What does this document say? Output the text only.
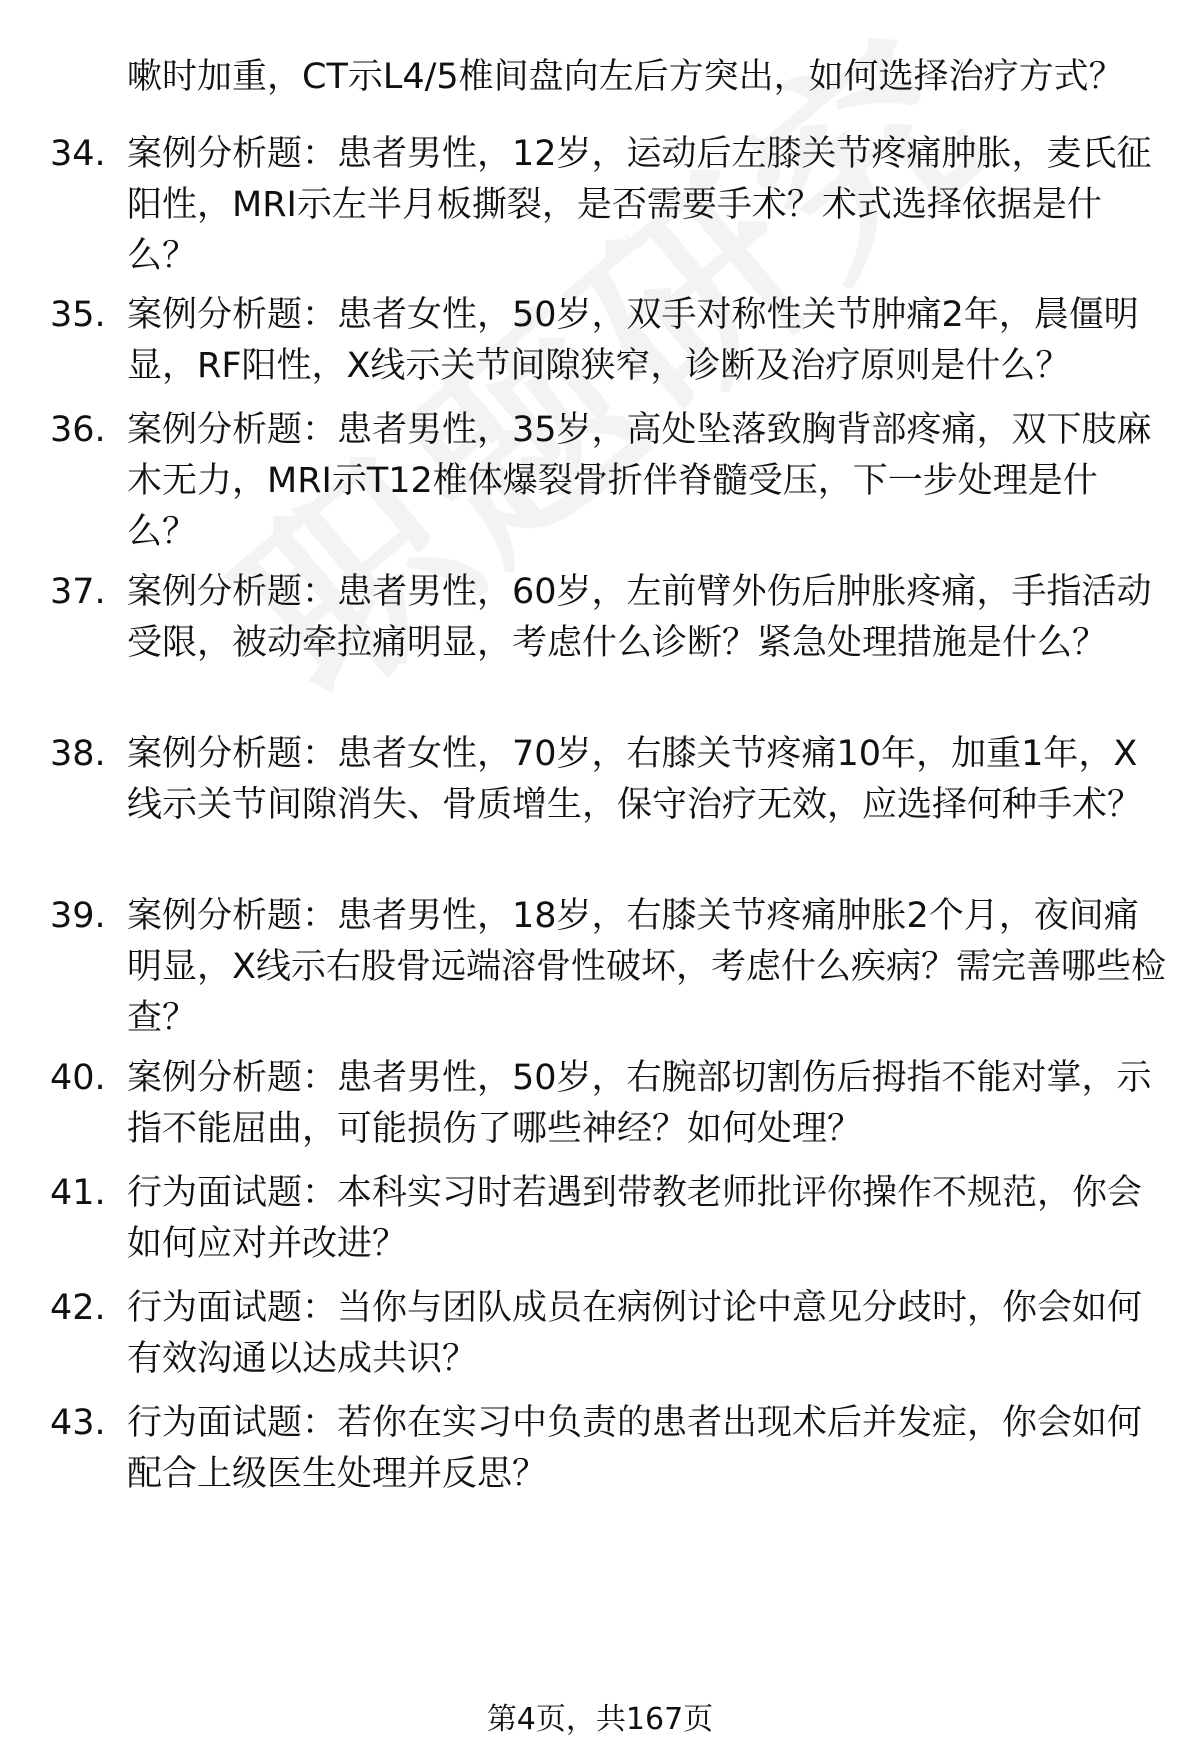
嗽时加重，CT示L4/5椎间盘向左后方突出，如何选择治疗方式？
34. 案例分析题：患者男性，12岁，运动后左膝关节疼痛肿胀，麦氏征阳性，MRI示左半月板撕裂，是否需要手术？术式选择依据是什么？
35. 案例分析题：患者女性，50岁，双手对称性关节肿痛2年，晨僵明显，RF阳性，X线示关节间隙狭窄，诊断及治疗原则是什么？
36. 案例分析题：患者男性，35岁，高处坠落致胸背部疼痛，双下肢麻木无力，MRI示T12椎体爆裂骨折伴脊髓受压，下一步处理是什么？
37. 案例分析题：患者男性，60岁，左前臂外伤后肿胀疼痛，手指活动受限，被动牵拉痛明显，考虑什么诊断？紧急处理措施是什么？
38. 案例分析题：患者女性，70岁，右膝关节疼痛10年，加重1年，X线示关节间隙消失、骨质增生，保守治疗无效，应选择何种手术？
39. 案例分析题：患者男性，18岁，右膝关节疼痛肿胀2个月，夜间痛明显，X线示右股骨远端溶骨性破坏，考虑什么疾病？需完善哪些检查？
40. 案例分析题：患者男性，50岁，右腕部切割伤后拇指不能对掌，示指不能屈曲，可能损伤了哪些神经？如何处理？
41. 行为面试题：本科实习时若遇到带教老师批评你操作不规范，你会如何应对并改进？
42. 行为面试题：当你与团队成员在病例讨论中意见分歧时，你会如何有效沟通以达成共识？
43. 行为面试题：若你在实习中负责的患者出现术后并发症，你会如何配合上级医生处理并反思？
第4页，共167页
